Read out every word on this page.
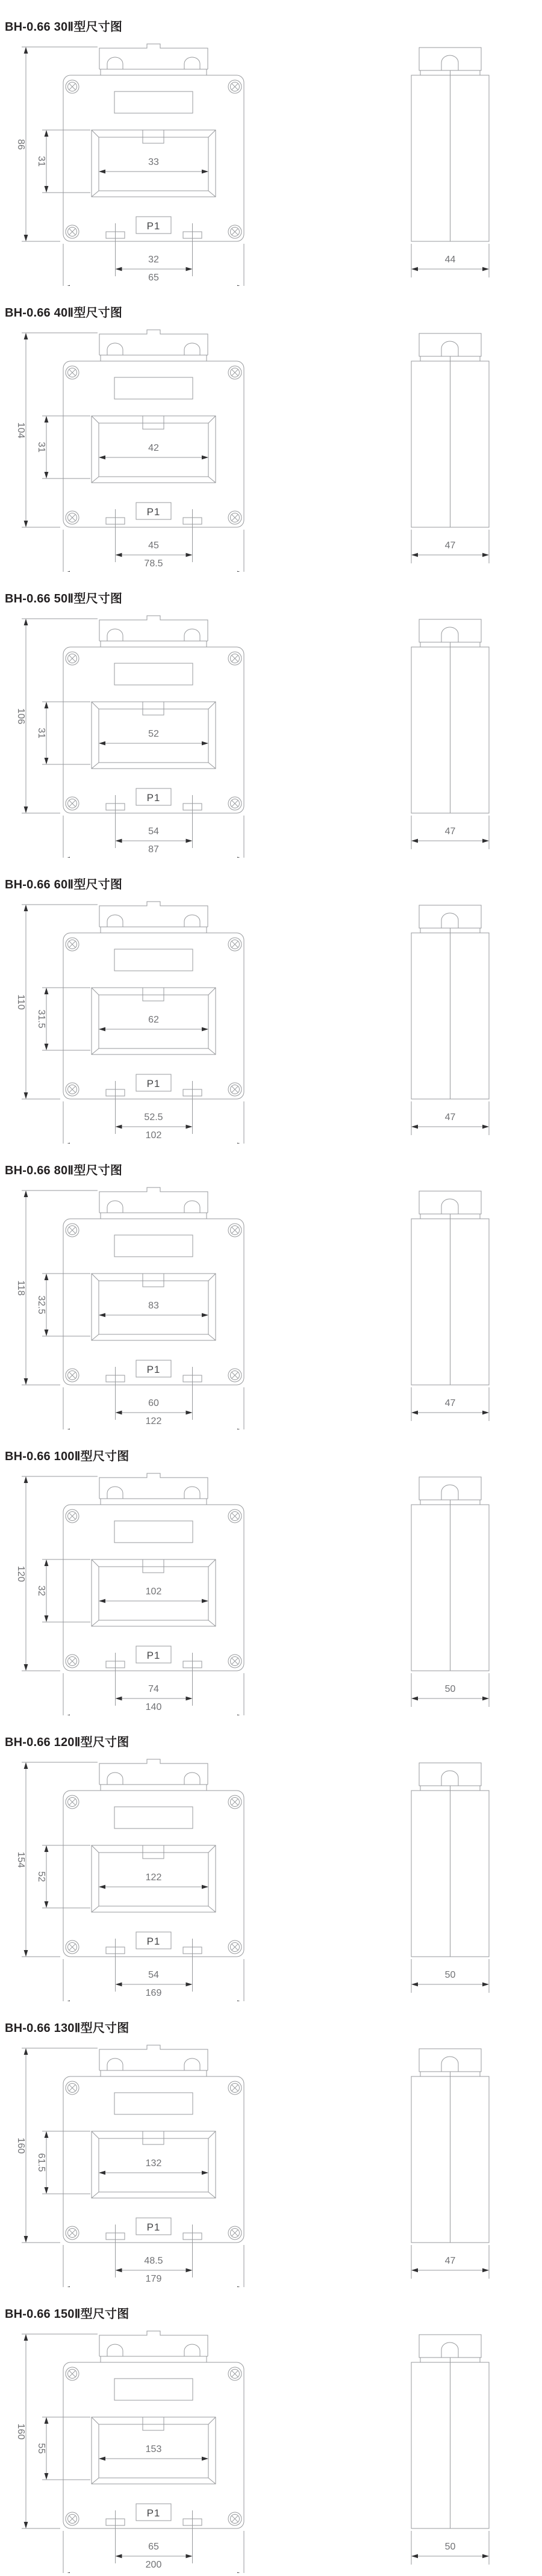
BH-0.66 30Ⅱ型尺寸图
33
31
86
P1
32
65
44
BH-0.66 40Ⅱ型尺寸图
42
31
104
P1
45
78.5
47
BH-0.66 50Ⅱ型尺寸图
52
31
106
P1
54
87
47
BH-0.66 60Ⅱ型尺寸图
62
31.5
110
P1
52.5
102
47
BH-0.66 80Ⅱ型尺寸图
83
32.5
118
P1
60
122
47
BH-0.66 100Ⅱ型尺寸图
102
32
120
P1
74
140
50
BH-0.66 120Ⅱ型尺寸图
122
52
154
P1
54
169
50
BH-0.66 130Ⅱ型尺寸图
132
61.5
160
P1
48.5
179
47
BH-0.66 150Ⅱ型尺寸图
153
55
160
P1
65
200
50
